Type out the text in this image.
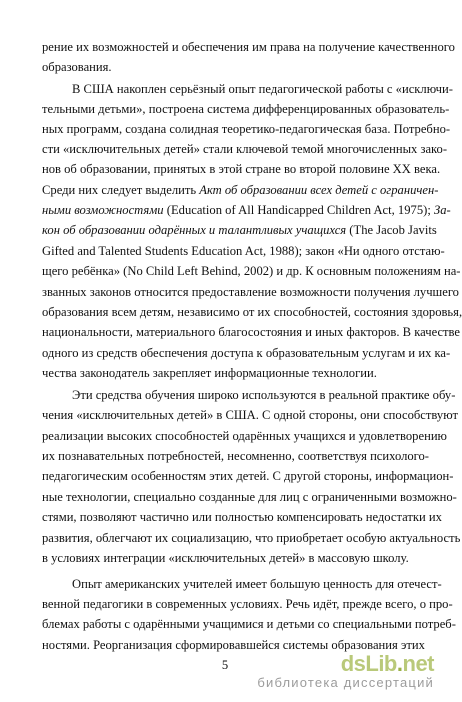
рение их возможностей и обеспечения им права на получение качественного
образования.
В США накоплен серьёзный опыт педагогической работы с «исключи-
тельными детьми», построена система дифференцированных образователь-
ных программ, создана солидная теоретико-педагогическая база. Потребно-
сти «исключительных детей» стали ключевой темой многочисленных зако-
нов об образовании, принятых в этой стране во второй половине XX века.
Среди них следует выделить Акт об образовании всех детей с ограничен-
ными возможностями (Education of All Handicapped Children Act, 1975); За-
кон об образовании одарённых и талантливых учащихся (The Jacob Javits
Gifted and Talented Students Education Act, 1988); закон «Ни одного отстаю-
щего ребёнка» (No Child Left Behind, 2002) и др. К основным положениям на-
званных законов относится предоставление возможности получения лучшего
образования всем детям, независимо от их способностей, состояния здоровья,
национальности, материального благосостояния и иных факторов. В качестве
одного из средств обеспечения доступа к образовательным услугам и их ка-
чества законодатель закрепляет информационные технологии.
Эти средства обучения широко используются в реальной практике обу-
чения «исключительных детей» в США. С одной стороны, они способствуют
реализации высоких способностей одарённых учащихся и удовлетворению
их познавательных потребностей, несомненно, соответствуя психолого-
педагогическим особенностям этих детей. С другой стороны, информацион-
ные технологии, специально созданные для лиц с ограниченными возможно-
стями, позволяют частично или полностью компенсировать недостатки их
развития, облегчают их социализацию, что приобретает особую актуальность
в условиях интеграции «исключительных детей» в массовую школу.
Опыт американских учителей имеет большую ценность для отечест-
венной педагогики в современных условиях. Речь идёт, прежде всего, о про-
блемах работы с одарёнными учащимися и детьми со специальными потреб-
ностями. Реорганизация сформировавшейся системы образования этих
5	dsLib.net
библиотека диссертаций
